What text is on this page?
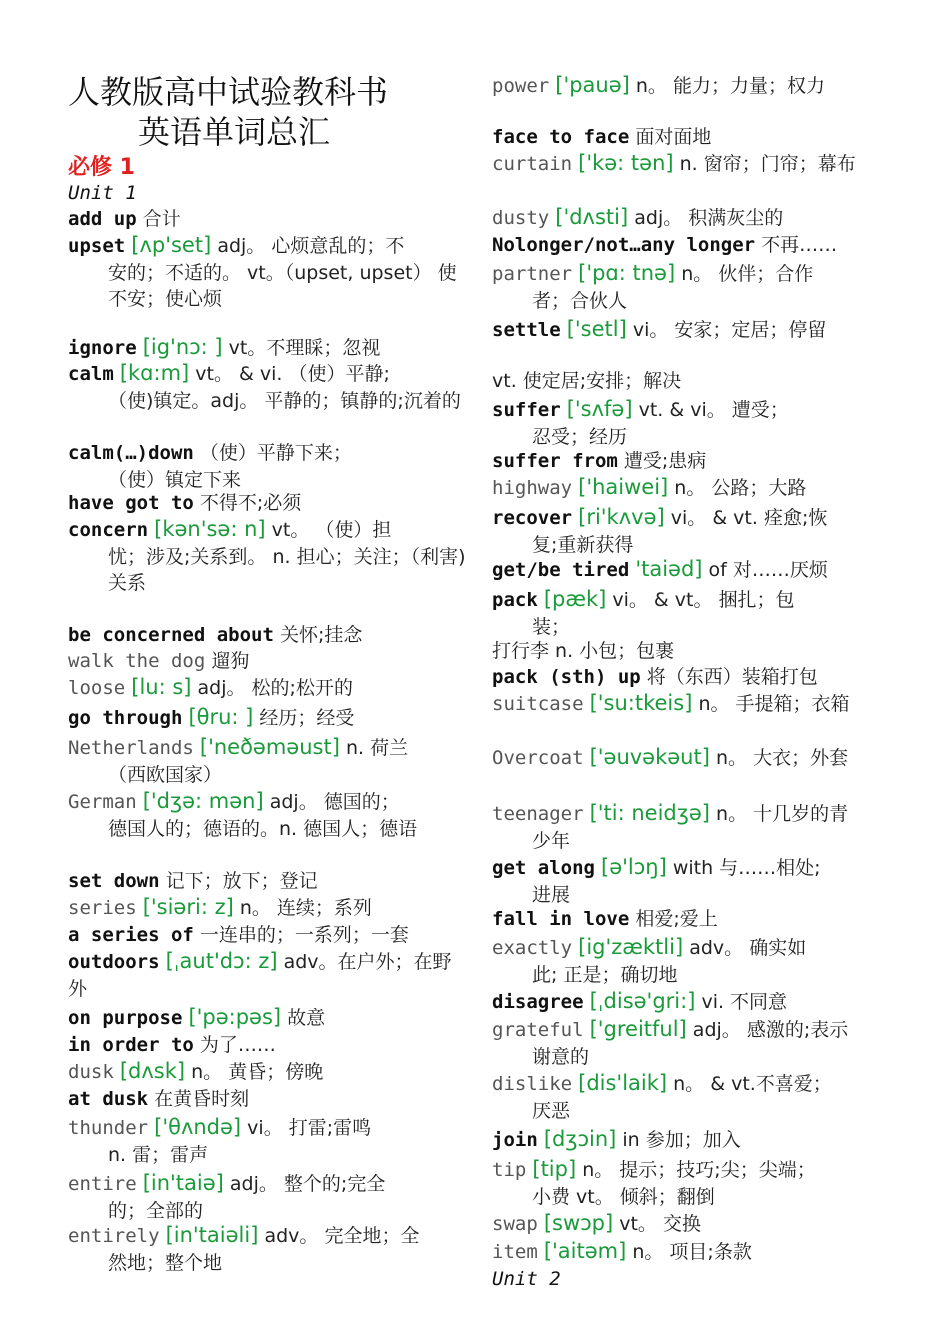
人教版高中试验教科书
英语单词总汇
必修 1
Unit 1
add up 合计
upset [ʌp'set] adj。 心烦意乱的；不
安的；不适的。 vt。（upset, upset） 使不安；使心烦
ignore [ig'nɔ: ] vt。不理睬；忽视
calm [kɑ:m] vt。 & vi. （使）平静;
（使)镇定。adj。 平静的；镇静的;沉着的
calm(…)down （使）平静下来；
（使）镇定下来
have got to 不得不;必须
concern [kən'sə: n] vt。 （使）担
忧；涉及;关系到。 n. 担心；关注；（利害)关系
be concerned about 关怀;挂念
walk the dog 遛狗
loose [lu: s] adj。 松的;松开的
go through [θru: ] 经历；经受
Netherlands ['neðəməust] n. 荷兰
（西欧国家）
German ['dʒə: mən] adj。 德国的；
德国人的；德语的。n. 德国人；德语
set down 记下；放下；登记
series ['siəri: z] n。 连续；系列
a series of 一连串的；一系列；一套
outdoors [ˌaut'dɔ: z] adv。在户外；在野外
on purpose ['pə:pəs] 故意
in order to 为了……
dusk [dʌsk] n。 黄昏；傍晚
at dusk 在黄昏时刻
thunder ['θʌndə] vi。 打雷;雷鸣
n. 雷；雷声
entire [in'taiə] adj。 整个的;完全
的；全部的
entirely [in'taiəli] adv。 完全地；全
然地；整个地
power ['pauə] n。 能力；力量；权力
face to face 面对面地
curtain ['kə: tən] n. 窗帘；门帘；幕布
dusty ['dʌsti] adj。 积满灰尘的
Nolonger/not…any longer 不再……
partner ['pɑ: tnə] n。 伙伴；合作
者；合伙人
settle ['setl] vi。 安家；定居；停留
vt. 使定居;安排；解决
suffer ['sʌfə] vt. & vi。 遭受；
忍受；经历
suffer from 遭受;患病
highway ['haiwei] n。 公路；大路
recover [ri'kʌvə] vi。 & vt. 痊愈;恢
复;重新获得
get/be tired 'taiəd] of 对……厌烦
pack [pæk] vi。 & vt。 捆扎；包
装；
打行李 n. 小包；包裹
pack (sth) up 将（东西）装箱打包
suitcase ['su:tkeis] n。 手提箱；衣箱
Overcoat ['əuvəkəut] n。 大衣；外套
teenager ['ti: neidʒə] n。 十几岁的青
少年
get along [ə'lɔŋ] with 与……相处;
进展
fall in love 相爱;爱上
exactly [ig'zæktli] adv。 确实如
此; 正是；确切地
disagree [ˌdisə'gri:] vi. 不同意
grateful ['greitful] adj。 感激的;表示
谢意的
dislike [dis'laik] n。 & vt.不喜爱；
厌恶
join [dʒɔin] in 参加；加入
tip [tip] n。 提示；技巧;尖；尖端；
小费 vt。 倾斜；翻倒
swap [swɔp] vt。 交换
item ['aitəm] n。 项目;条款
Unit 2
